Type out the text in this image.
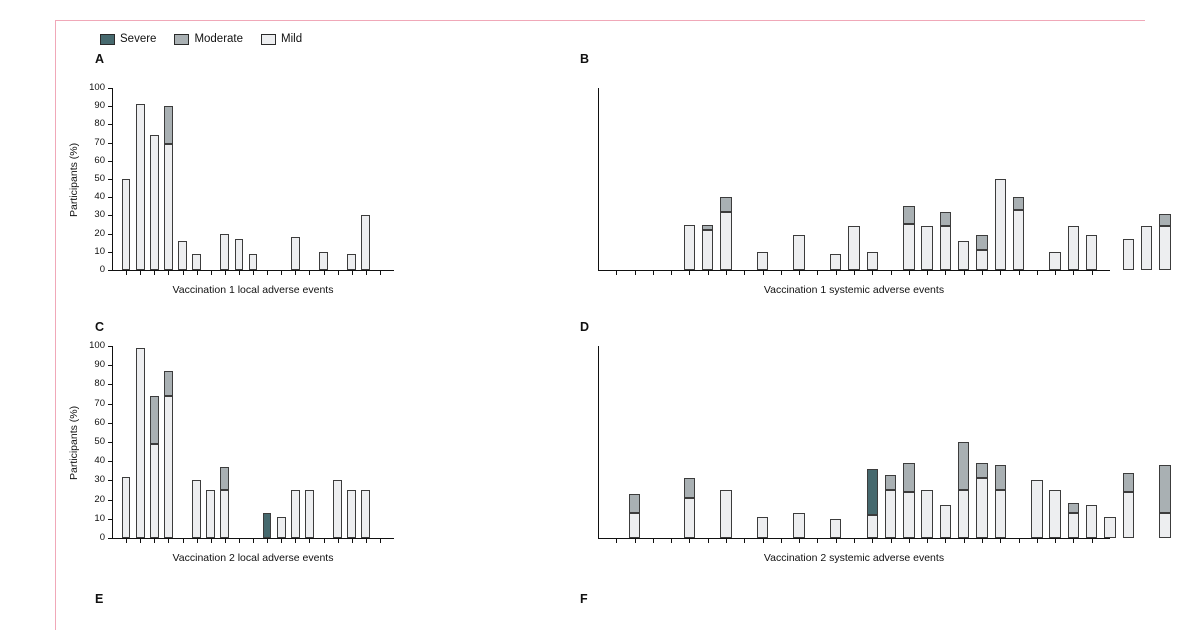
Severe	Moderate	Mild
A
0
10
20
30
40
50
60
70
80
90
100
Participants (%)
Vaccination 1 local adverse events
B
Vaccination 1 systemic adverse events
C
0
10
20
30
40
50
60
70
80
90
100
Participants (%)
Vaccination 2 local adverse events
D
Vaccination 2 systemic adverse events
E	F
